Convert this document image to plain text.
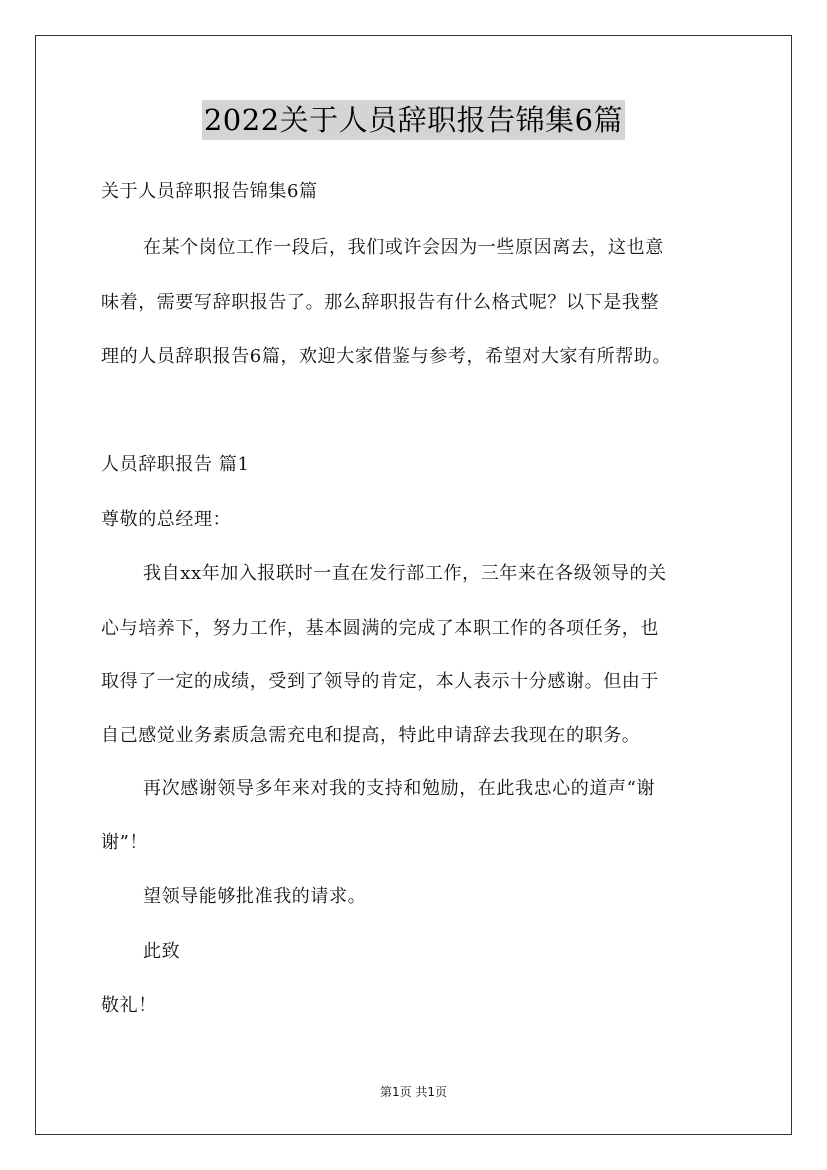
2022关于人员辞职报告锦集6篇
关于人员辞职报告锦集6篇
在某个岗位工作一段后，我们或许会因为一些原因离去，这也意
味着，需要写辞职报告了。那么辞职报告有什么格式呢？以下是我整
理的人员辞职报告6篇，欢迎大家借鉴与参考，希望对大家有所帮助。
人员辞职报告 篇1
尊敬的总经理：
我自xx年加入报联时一直在发行部工作，三年来在各级领导的关
心与培养下，努力工作，基本圆满的完成了本职工作的各项任务，也
取得了一定的成绩，受到了领导的肯定，本人表示十分感谢。但由于
自己感觉业务素质急需充电和提高，特此申请辞去我现在的职务。
再次感谢领导多年来对我的支持和勉励，在此我忠心的道声“谢
谢”！
望领导能够批准我的请求。
此致
敬礼！
第1页 共1页
